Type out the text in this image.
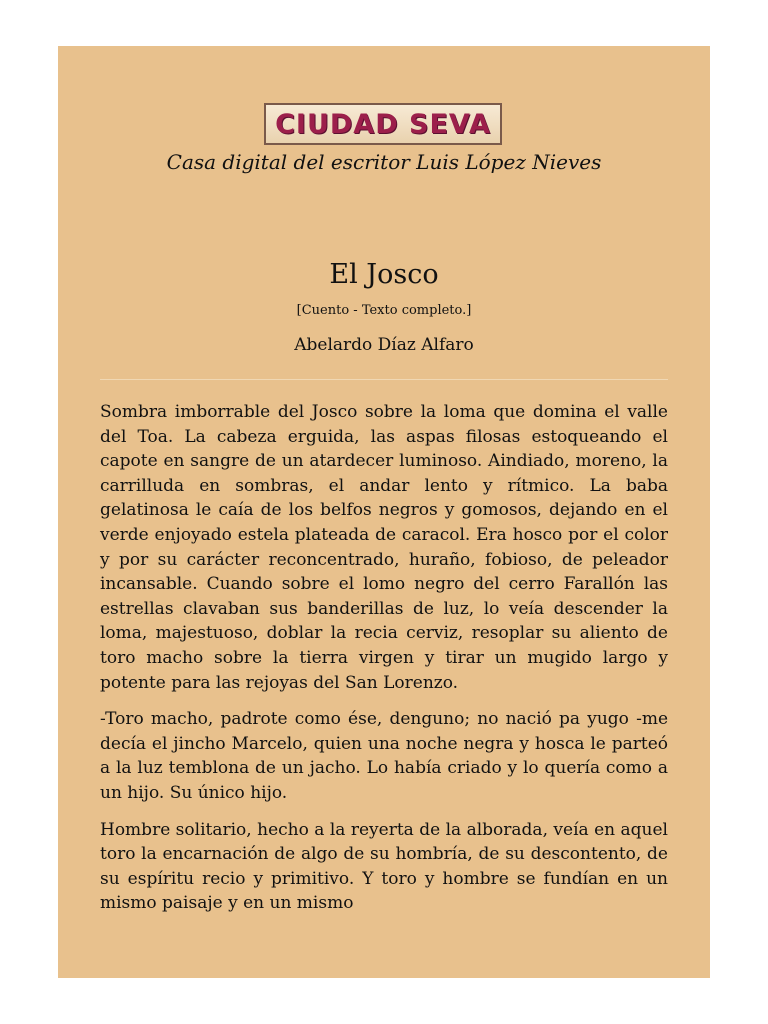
CIUDAD SEVA
Casa digital del escritor Luis López Nieves
El Josco
[Cuento - Texto completo.]
Abelardo Díaz Alfaro

Sombra imborrable del Josco sobre la loma que domina el valle del Toa. La cabeza erguida, las aspas filosas estoqueando el capote en sangre de un atardecer luminoso. Aindiado, moreno, la carrilluda en sombras, el andar lento y rítmico. La baba gelatinosa le caía de los belfos negros y gomosos, dejando en el verde enjoyado estela plateada de caracol. Era hosco por el color y por su carácter reconcentrado, huraño, fobioso, de peleador incansable. Cuando sobre el lomo negro del cerro Farallón las estrellas clavaban sus banderillas de luz, lo veía descender la loma, majestuoso, doblar la recia cerviz, resoplar su aliento de toro macho sobre la tierra virgen y tirar un mugido largo y potente para las rejoyas del San Lorenzo.

-Toro macho, padrote como ése, denguno; no nació pa yugo -me decía el jincho Marcelo, quien una noche negra y hosca le parteó a la luz temblona de un jacho. Lo había criado y lo quería como a un hijo. Su único hijo.

Hombre solitario, hecho a la reyerta de la alborada, veía en aquel toro la encarnación de algo de su hombría, de su descontento, de su espíritu recio y primitivo. Y toro y hombre se fundían en un mismo paisaje y en un mismo
